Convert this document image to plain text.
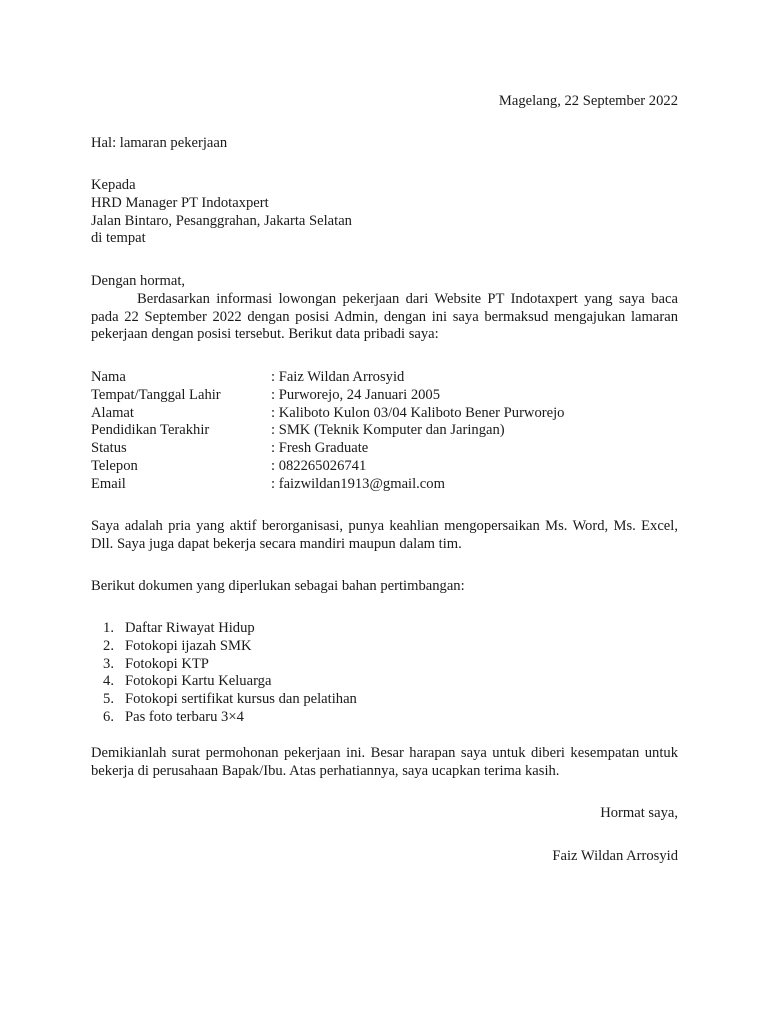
Magelang, 22 September 2022
Hal: lamaran pekerjaan
Kepada
HRD Manager PT Indotaxpert
Jalan Bintaro, Pesanggrahan, Jakarta Selatan
di tempat
Dengan hormat,
Berdasarkan informasi lowongan pekerjaan dari Website PT Indotaxpert yang saya baca pada 22 September 2022 dengan posisi Admin, dengan ini saya bermaksud mengajukan lamaran pekerjaan dengan posisi tersebut. Berikut data pribadi saya:
Nama	: Faiz Wildan Arrosyid
Tempat/Tanggal Lahir	: Purworejo, 24 Januari 2005
Alamat	: Kaliboto Kulon 03/04 Kaliboto Bener Purworejo
Pendidikan Terakhir	: SMK (Teknik Komputer dan Jaringan)
Status	: Fresh Graduate
Telepon	: 082265026741
Email	: faizwildan1913@gmail.com
Saya adalah pria yang aktif berorganisasi, punya keahlian mengopersaikan Ms. Word, Ms. Excel, Dll. Saya juga dapat bekerja secara mandiri maupun dalam tim.
Berikut dokumen yang diperlukan sebagai bahan pertimbangan:
1. Daftar Riwayat Hidup
2. Fotokopi ijazah SMK
3. Fotokopi KTP
4. Fotokopi Kartu Keluarga
5. Fotokopi sertifikat kursus dan pelatihan
6. Pas foto terbaru 3×4
Demikianlah surat permohonan pekerjaan ini. Besar harapan saya untuk diberi kesempatan untuk bekerja di perusahaan Bapak/Ibu. Atas perhatiannya, saya ucapkan terima kasih.
Hormat saya,
Faiz Wildan Arrosyid
